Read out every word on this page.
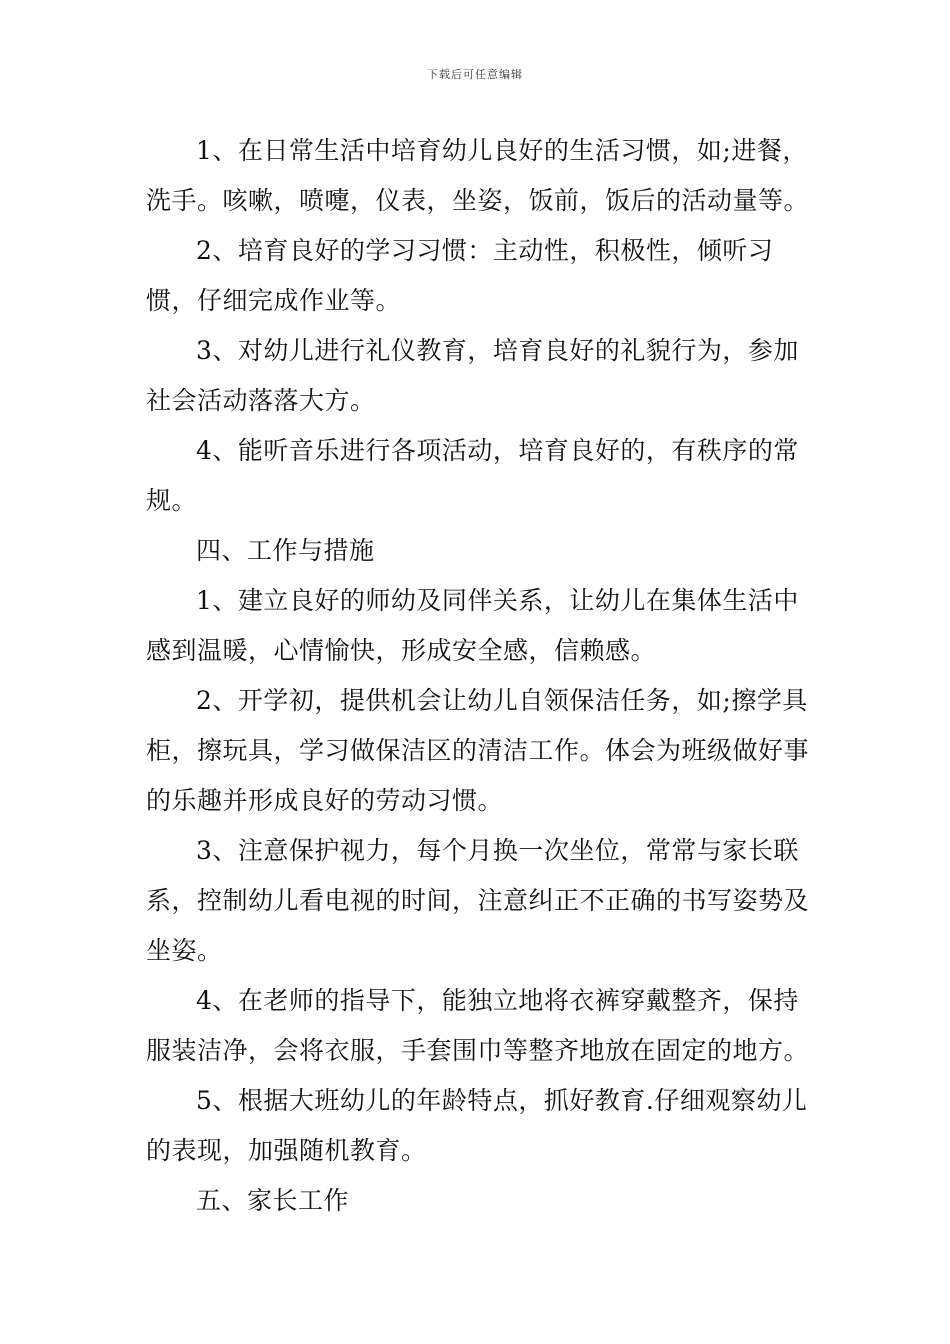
下载后可任意编辑

1、在日常生活中培育幼儿良好的生活习惯，如;进餐，洗手。咳嗽，喷嚏，仪表，坐姿，饭前，饭后的活动量等。

2、培育良好的学习习惯：主动性，积极性，倾听习惯，仔细完成作业等。

3、对幼儿进行礼仪教育，培育良好的礼貌行为，参加社会活动落落大方。

4、能听音乐进行各项活动，培育良好的，有秩序的常规。

四、工作与措施

1、建立良好的师幼及同伴关系，让幼儿在集体生活中感到温暖，心情愉快，形成安全感，信赖感。

2、开学初，提供机会让幼儿自领保洁任务，如;擦学具柜，擦玩具，学习做保洁区的清洁工作。体会为班级做好事的乐趣并形成良好的劳动习惯。

3、注意保护视力，每个月换一次坐位，常常与家长联系，控制幼儿看电视的时间，注意纠正不正确的书写姿势及坐姿。

4、在老师的指导下，能独立地将衣裤穿戴整齐，保持服装洁净，会将衣服，手套围巾等整齐地放在固定的地方。

5、根据大班幼儿的年龄特点，抓好教育.仔细观察幼儿的表现，加强随机教育。

五、家长工作
